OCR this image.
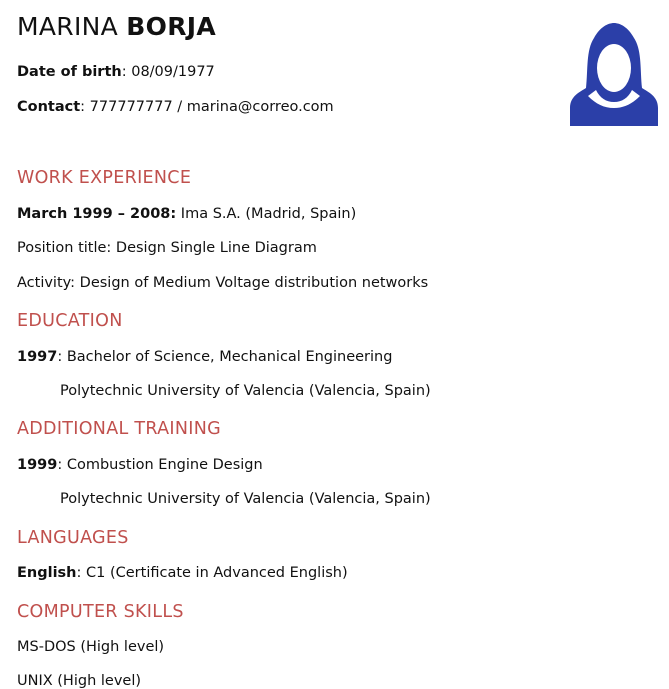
MARINA BORJA
Date of birth: 08/09/1977
Contact: 777777777 / marina@correo.com
WORK EXPERIENCE
March 1999 – 2008: Ima S.A. (Madrid, Spain)
Position title: Design Single Line Diagram
Activity: Design of Medium Voltage distribution networks
EDUCATION
1997: Bachelor of Science, Mechanical Engineering
Polytechnic University of Valencia (Valencia, Spain)
ADDITIONAL TRAINING
1999: Combustion Engine Design
Polytechnic University of Valencia (Valencia, Spain)
LANGUAGES
English: C1 (Certificate in Advanced English)
COMPUTER SKILLS
MS-DOS (High level)
UNIX (High level)
